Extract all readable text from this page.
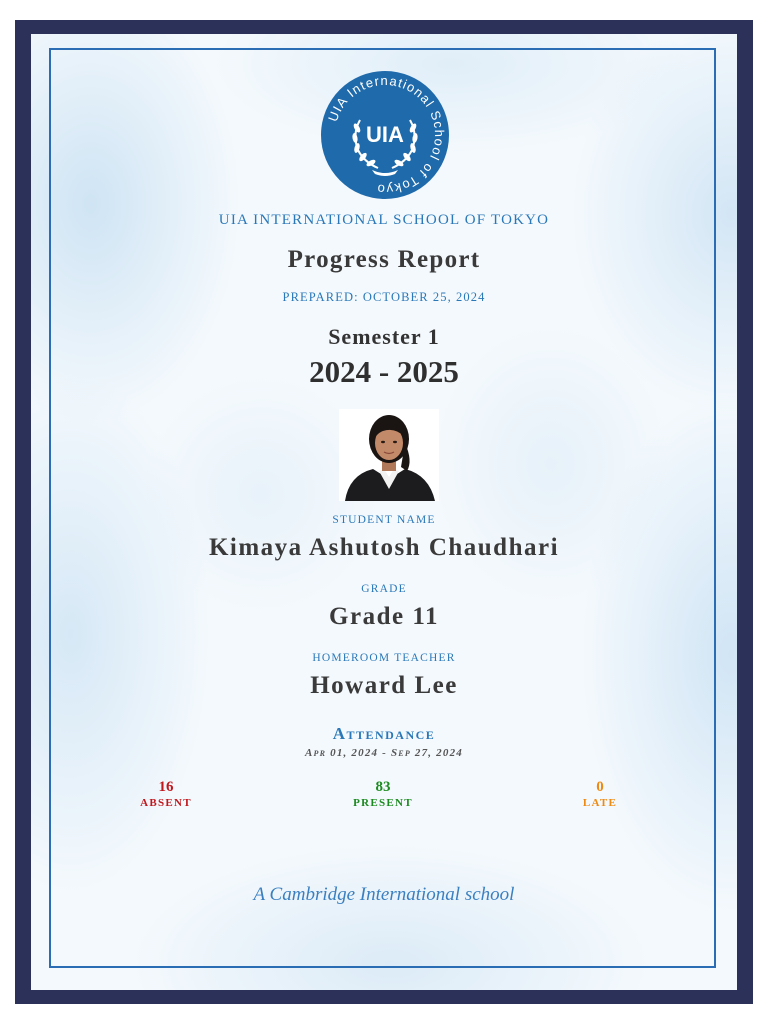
UIA International School of Tokyo
UIA

UIA INTERNATIONAL SCHOOL OF TOKYO

Progress Report

PREPARED: OCTOBER 25, 2024

Semester 1

2024 - 2025

STUDENT NAME

Kimaya Ashutosh Chaudhari

GRADE

Grade 11

HOMEROOM TEACHER

Howard Lee

Attendance

Apr 01, 2024 - Sep 27, 2024

16
ABSENT
83
PRESENT
0
LATE

A Cambridge International school
